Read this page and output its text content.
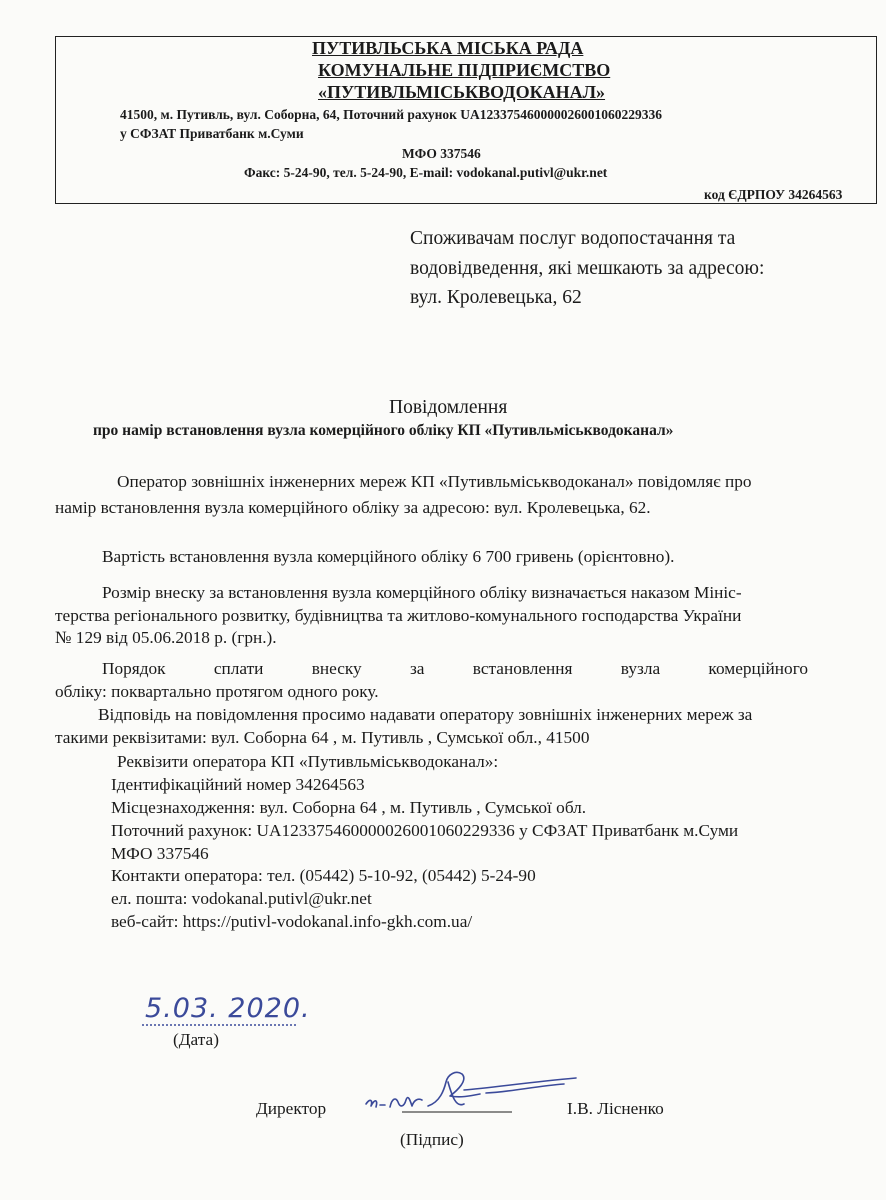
ПУТИВЛЬСЬКА МІСЬКА РАДА
КОМУНАЛЬНЕ ПІДПРИЄМСТВО
«ПУТИВЛЬМІСЬКВОДОКАНАЛ»
41500, м. Путивль, вул. Соборна, 64, Поточний рахунок UA123375460000026001060229336
у СФЗАТ Приватбанк м.Суми
МФО 337546
Факс: 5-24-90, тел. 5-24-90, E-mail: vodokanal.putivl@ukr.net
код ЄДРПОУ 34264563
Споживачам послуг водопостачання та
водовідведення, які мешкають за адресою:
вул. Кролевецька, 62
Повідомлення
про намір встановлення вузла комерційного обліку КП «Путивльміськводоканал»
Оператор зовнішніх інженерних мереж КП «Путивльміськводоканал» повідомляє про
намір встановлення вузла комерційного обліку за адресою: вул. Кролевецька, 62.
Вартість встановлення вузла комерційного обліку 6 700 гривень (орієнтовно).
Розмір внеску за встановлення вузла комерційного обліку визначається наказом Мініс-
терства регіонального розвитку, будівництва та житлово-комунального господарства України
№ 129 від 05.06.2018 р. (грн.).
Порядок сплати внеску за встановлення вузла комерційного
обліку: поквартально протягом одного року.
Відповідь на повідомлення просимо надавати оператору зовнішніх інженерних мереж за
такими реквізитами: вул. Соборна 64 , м. Путивль , Сумської обл., 41500
Реквізити оператора КП «Путивльміськводоканал»:
Ідентифікаційний номер 34264563
Місцезнаходження: вул. Соборна 64 , м. Путивль , Сумської обл.
Поточний рахунок: UA123375460000026001060229336 у СФЗАТ Приватбанк м.Суми
МФО 337546
Контакти оператора: тел. (05442) 5-10-92, (05442) 5-24-90
ел. пошта: vodokanal.putivl@ukr.net
веб-сайт: https://putivl-vodokanal.info-gkh.com.ua/
5.03. 2020.
(Дата)
Директор
(Підпис)
І.В. Лісненко
